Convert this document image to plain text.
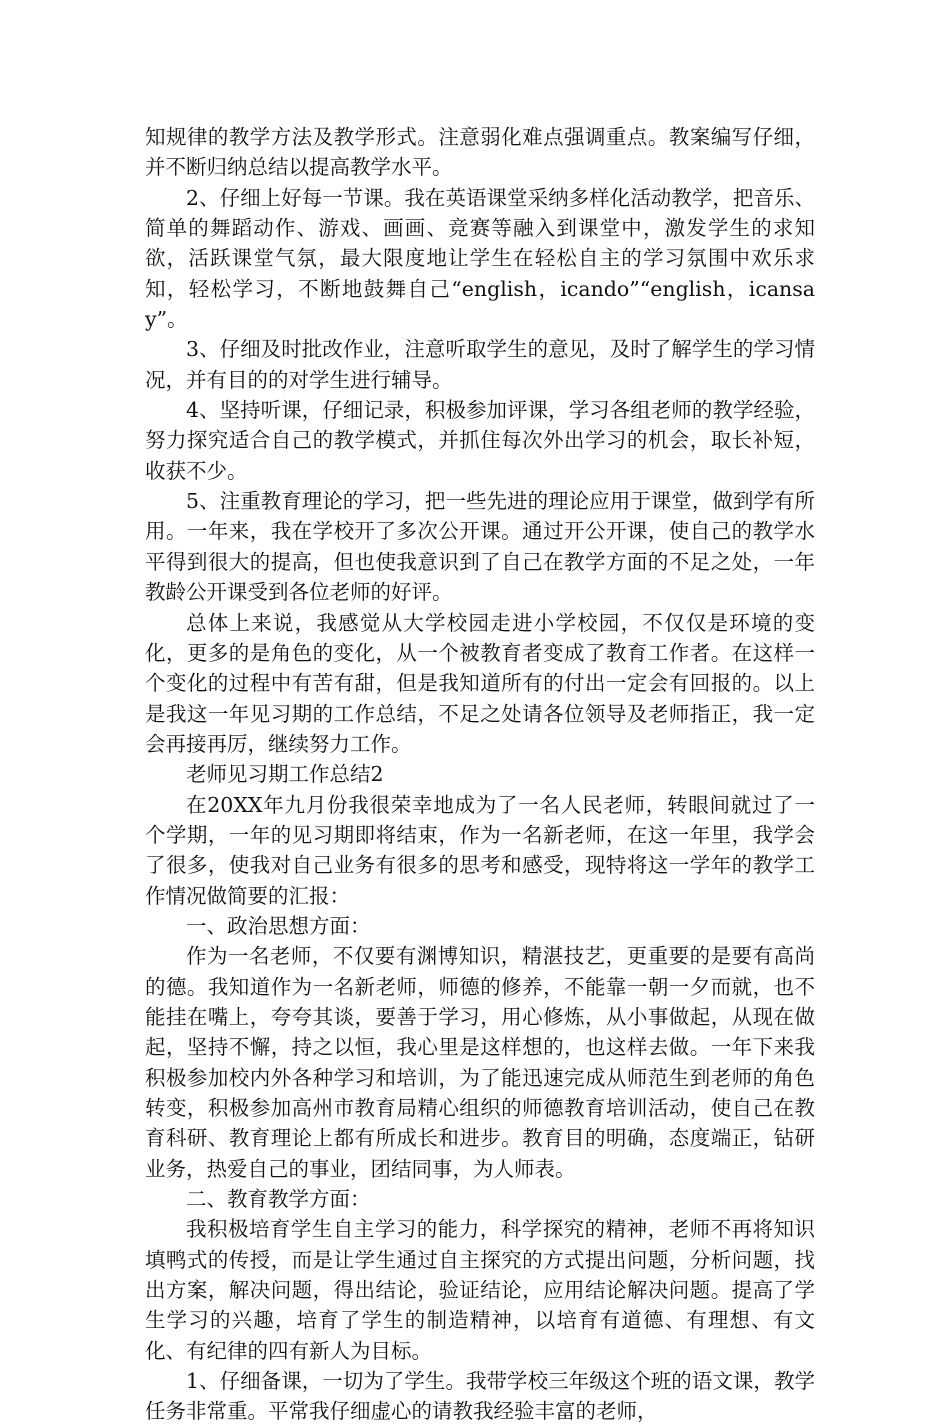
知规律的教学方法及教学形式。注意弱化难点强调重点。教案编写仔细，并不断归纳总结以提高教学水平。

2、仔细上好每一节课。我在英语课堂采纳多样化活动教学，把音乐、简单的舞蹈动作、游戏、画画、竞赛等融入到课堂中，激发学生的求知欲，活跃课堂气氛，最大限度地让学生在轻松自主的学习氛围中欢乐求知，轻松学习，不断地鼓舞自己“english，icando”“english，icansay”。

3、仔细及时批改作业，注意听取学生的意见，及时了解学生的学习情况，并有目的的对学生进行辅导。

4、坚持听课，仔细记录，积极参加评课，学习各组老师的教学经验，努力探究适合自己的教学模式，并抓住每次外出学习的机会，取长补短，收获不少。

5、注重教育理论的学习，把一些先进的理论应用于课堂，做到学有所用。一年来，我在学校开了多次公开课。通过开公开课，使自己的教学水平得到很大的提高，但也使我意识到了自己在教学方面的不足之处，一年教龄公开课受到各位老师的好评。

总体上来说，我感觉从大学校园走进小学校园，不仅仅是环境的变化，更多的是角色的变化，从一个被教育者变成了教育工作者。在这样一个变化的过程中有苦有甜，但是我知道所有的付出一定会有回报的。以上是我这一年见习期的工作总结，不足之处请各位领导及老师指正，我一定会再接再厉，继续努力工作。

老师见习期工作总结2

在20XX年九月份我很荣幸地成为了一名人民老师，转眼间就过了一个学期，一年的见习期即将结束，作为一名新老师，在这一年里，我学会了很多，使我对自己业务有很多的思考和感受，现特将这一学年的教学工作情况做简要的汇报：

一、政治思想方面：

作为一名老师，不仅要有渊博知识，精湛技艺，更重要的是要有高尚的德。我知道作为一名新老师，师德的修养，不能靠一朝一夕而就，也不能挂在嘴上，夸夸其谈，要善于学习，用心修炼，从小事做起，从现在做起，坚持不懈，持之以恒，我心里是这样想的，也这样去做。一年下来我积极参加校内外各种学习和培训，为了能迅速完成从师范生到老师的角色转变，积极参加高州市教育局精心组织的师德教育培训活动，使自己在教育科研、教育理论上都有所成长和进步。教育目的明确，态度端正，钻研业务，热爱自己的事业，团结同事，为人师表。

二、教育教学方面：

我积极培育学生自主学习的能力，科学探究的精神，老师不再将知识填鸭式的传授，而是让学生通过自主探究的方式提出问题，分析问题，找出方案，解决问题，得出结论，验证结论，应用结论解决问题。提高了学生学习的兴趣，培育了学生的制造精神，以培育有道德、有理想、有文化、有纪律的四有新人为目标。

1、仔细备课，一切为了学生。我带学校三年级这个班的语文课，教学任务非常重。平常我仔细虚心的请教我经验丰富的老师，
